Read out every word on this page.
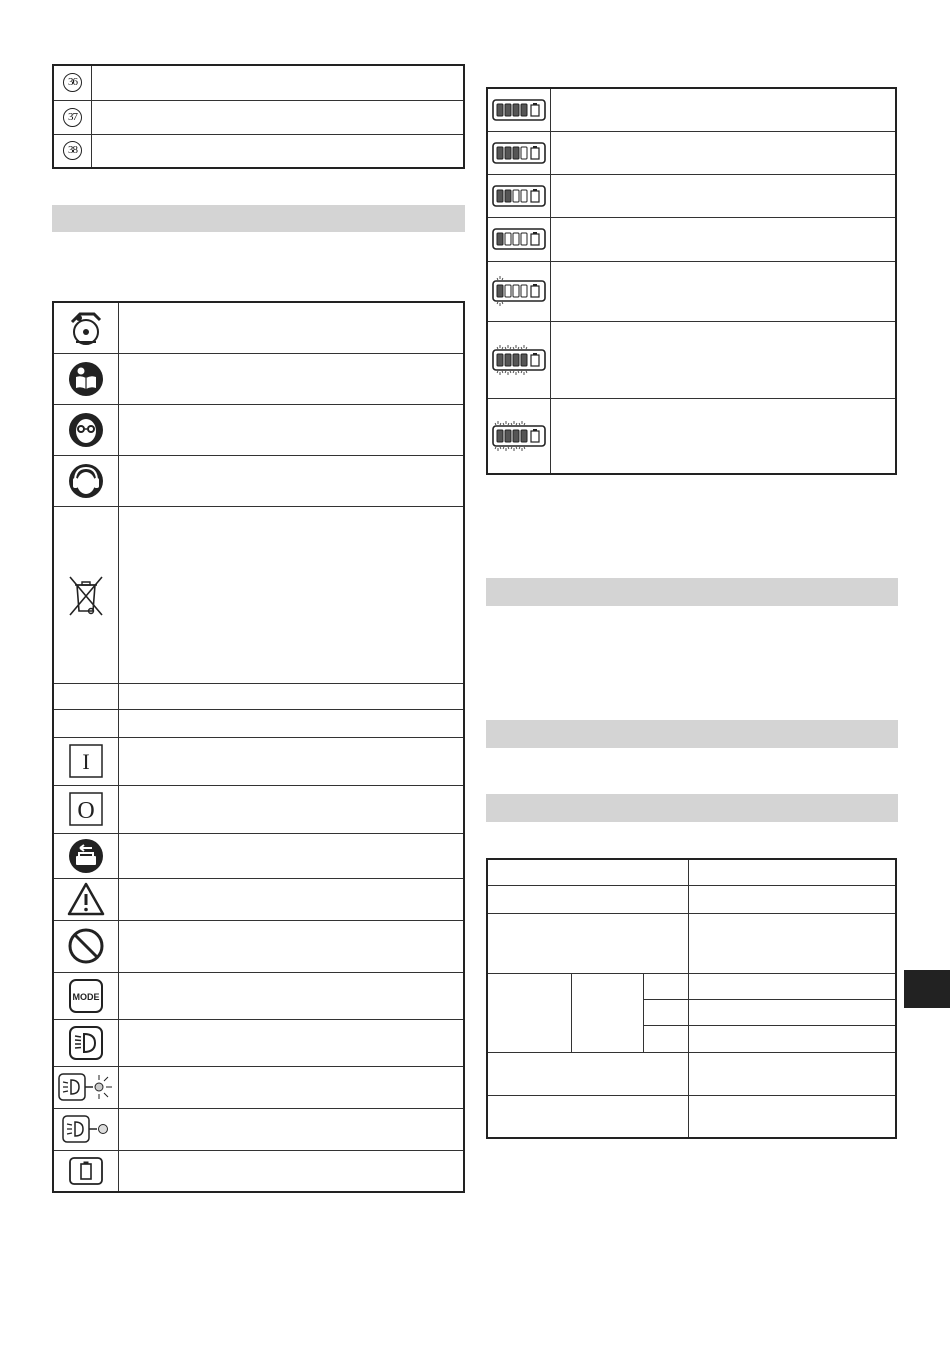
36	
37	
38	

I	

O	

MODE	
